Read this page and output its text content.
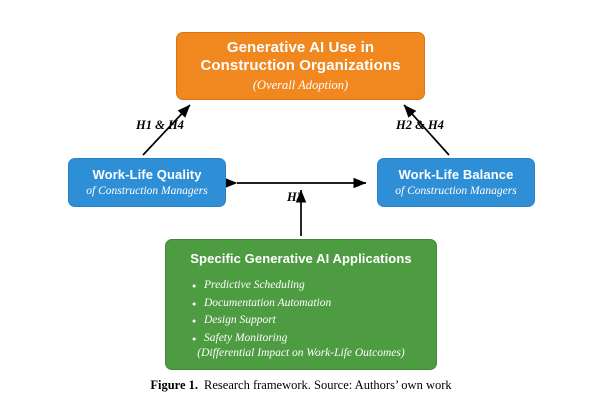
Generative AI Use in
Construction Organizations
(Overall Adoption)
Work-Life Quality
of Construction Managers
Work-Life Balance
of Construction Managers
Specific Generative AI Applications
● Predictive Scheduling
● Documentation Automation
● Design Support
● Safety Monitoring
(Differential Impact on Work-Life Outcomes)
H1 & H4	H2 & H4
H3
Figure 1. Research framework. Source: Authors’ own work
